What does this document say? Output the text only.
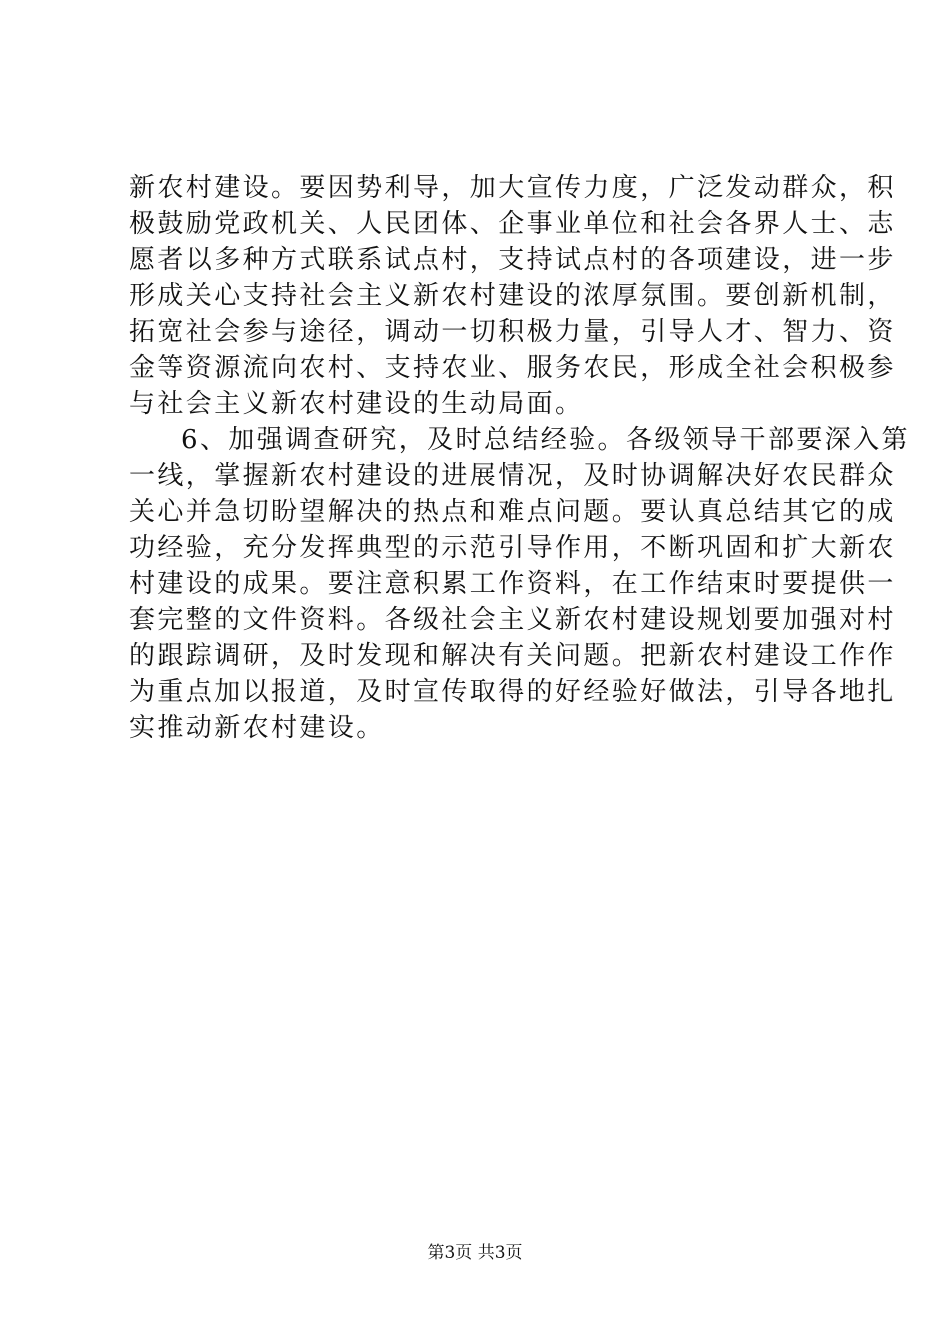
新农村建设。要因势利导，加大宣传力度，广泛发动群众，积
极鼓励党政机关、人民团体、企事业单位和社会各界人士、志
愿者以多种方式联系试点村，支持试点村的各项建设，进一步
形成关心支持社会主义新农村建设的浓厚氛围。要创新机制，
拓宽社会参与途径，调动一切积极力量，引导人才、智力、资
金等资源流向农村、支持农业、服务农民，形成全社会积极参
与社会主义新农村建设的生动局面。
6、加强调查研究，及时总结经验。各级领导干部要深入第
一线，掌握新农村建设的进展情况，及时协调解决好农民群众
关心并急切盼望解决的热点和难点问题。要认真总结其它的成
功经验，充分发挥典型的示范引导作用，不断巩固和扩大新农
村建设的成果。要注意积累工作资料，在工作结束时要提供一
套完整的文件资料。各级社会主义新农村建设规划要加强对村
的跟踪调研，及时发现和解决有关问题。把新农村建设工作作
为重点加以报道，及时宣传取得的好经验好做法，引导各地扎
实推动新农村建设。
第3页 共3页
